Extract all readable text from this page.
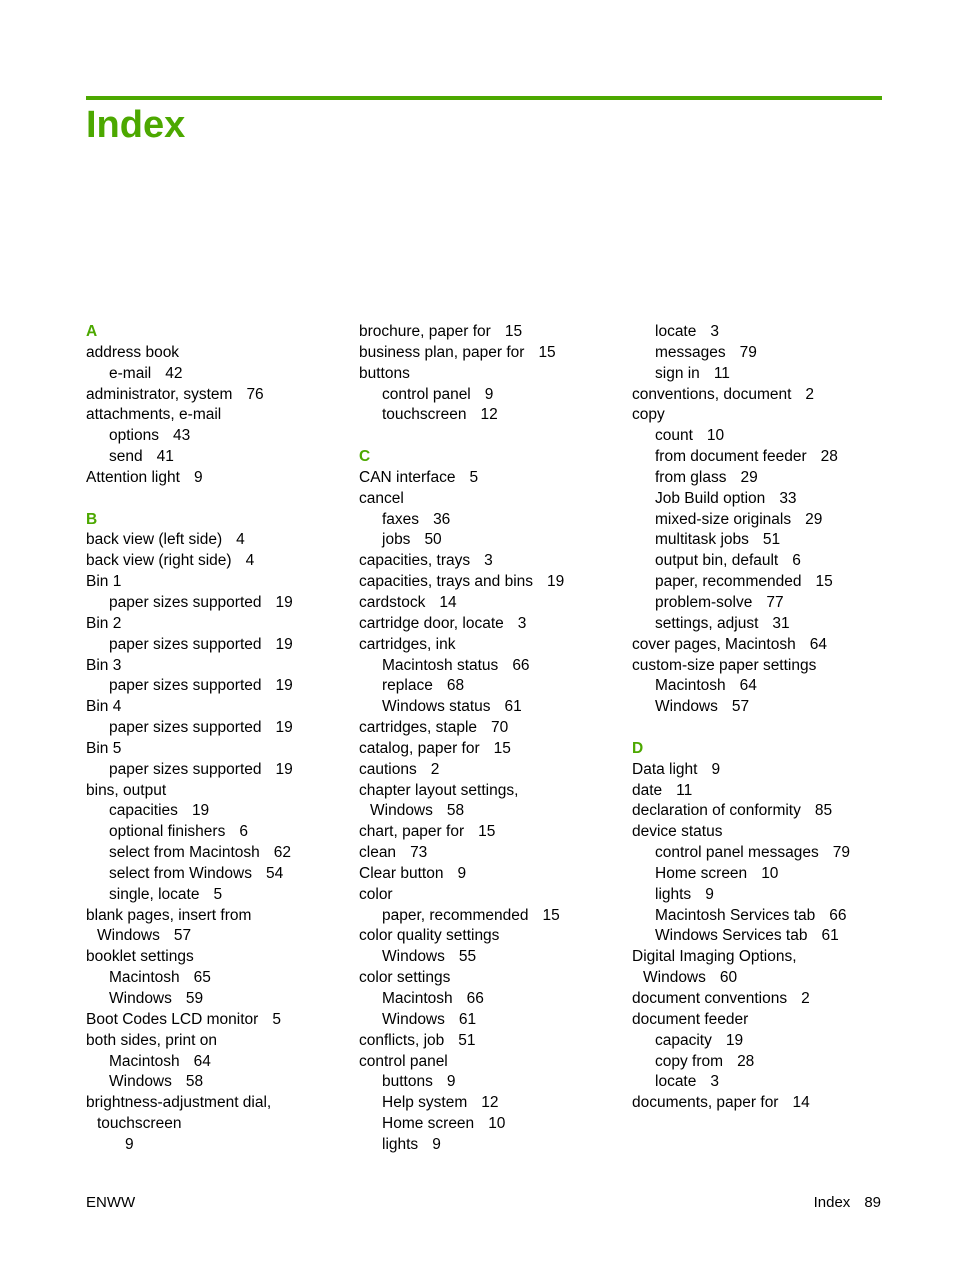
Index
A
address book
e-mail 42
administrator, system 76
attachments, e-mail
options 43
send 41
Attention light 9
B
back view (left side) 4
back view (right side) 4
Bin 1
paper sizes supported 19
Bin 2
paper sizes supported 19
Bin 3
paper sizes supported 19
Bin 4
paper sizes supported 19
Bin 5
paper sizes supported 19
bins, output
capacities 19
optional finishers 6
select from Macintosh 62
select from Windows 54
single, locate 5
blank pages, insert from
Windows 57
booklet settings
Macintosh 65
Windows 59
Boot Codes LCD monitor 5
both sides, print on
Macintosh 64
Windows 58
brightness-adjustment dial,
touchscreen
9
brochure, paper for 15
business plan, paper for 15
buttons
control panel 9
touchscreen 12
C
CAN interface 5
cancel
faxes 36
jobs 50
capacities, trays 3
capacities, trays and bins 19
cardstock 14
cartridge door, locate 3
cartridges, ink
Macintosh status 66
replace 68
Windows status 61
cartridges, staple 70
catalog, paper for 15
cautions 2
chapter layout settings,
Windows 58
chart, paper for 15
clean 73
Clear button 9
color
paper, recommended 15
color quality settings
Windows 55
color settings
Macintosh 66
Windows 61
conflicts, job 51
control panel
buttons 9
Help system 12
Home screen 10
lights 9
locate 3
messages 79
sign in 11
conventions, document 2
copy
count 10
from document feeder 28
from glass 29
Job Build option 33
mixed-size originals 29
multitask jobs 51
output bin, default 6
paper, recommended 15
problem-solve 77
settings, adjust 31
cover pages, Macintosh 64
custom-size paper settings
Macintosh 64
Windows 57
D
Data light 9
date 11
declaration of conformity 85
device status
control panel messages 79
Home screen 10
lights 9
Macintosh Services tab 66
Windows Services tab 61
Digital Imaging Options,
Windows 60
document conventions 2
document feeder
capacity 19
copy from 28
locate 3
documents, paper for 14
ENWW	Index 89
